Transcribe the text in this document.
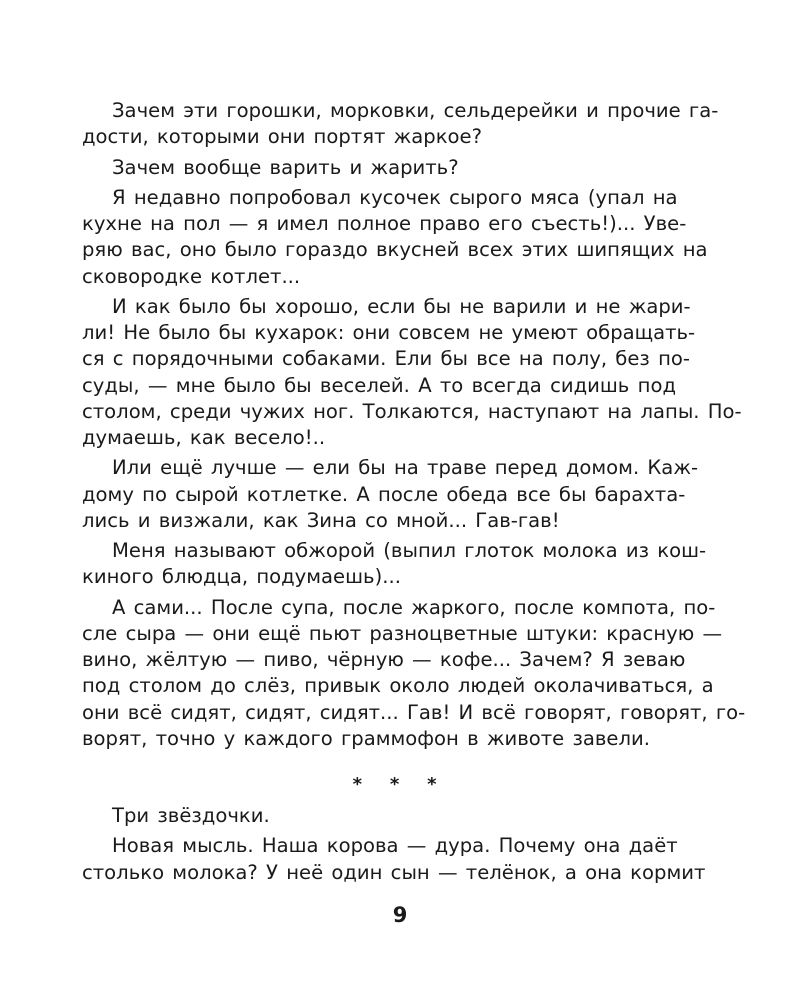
Зачем эти горошки, морковки, сельдерейки и прочие га-
дости, которыми они портят жаркое?
Зачем вообще варить и жарить?
Я недавно попробовал кусочек сырого мяса (упал на
кухне на пол — я имел полное право его съесть!)... Уве-
ряю вас, оно было гораздо вкусней всех этих шипящих на
сковородке котлет...
И как было бы хорошо, если бы не варили и не жари-
ли! Не было бы кухарок: они совсем не умеют обращать-
ся с порядочными собаками. Ели бы все на полу, без по-
суды, — мне было бы веселей. А то всегда сидишь под
столом, среди чужих ног. Толкаются, наступают на лапы. По-
думаешь, как весело!..
Или ещё лучше — ели бы на траве перед домом. Каж-
дому по сырой котлетке. А после обеда все бы барахта-
лись и визжали, как Зина со мной... Гав-гав!
Меня называют обжорой (выпил глоток молока из кош-
киного блюдца, подумаешь)...
А сами... После супа, после жаркого, после компота, по-
сле сыра — они ещё пьют разноцветные штуки: красную —
вино, жёлтую — пиво, чёрную — кофе... Зачем? Я зеваю
под столом до слёз, привык около людей околачиваться, а
они всё сидят, сидят, сидят... Гав! И всё говорят, говорят, го-
ворят, точно у каждого граммофон в животе завели.
* * *
Три звёздочки.
Новая мысль. Наша корова — дура. Почему она даёт
столько молока? У неё один сын — телёнок, а она кормит
9
